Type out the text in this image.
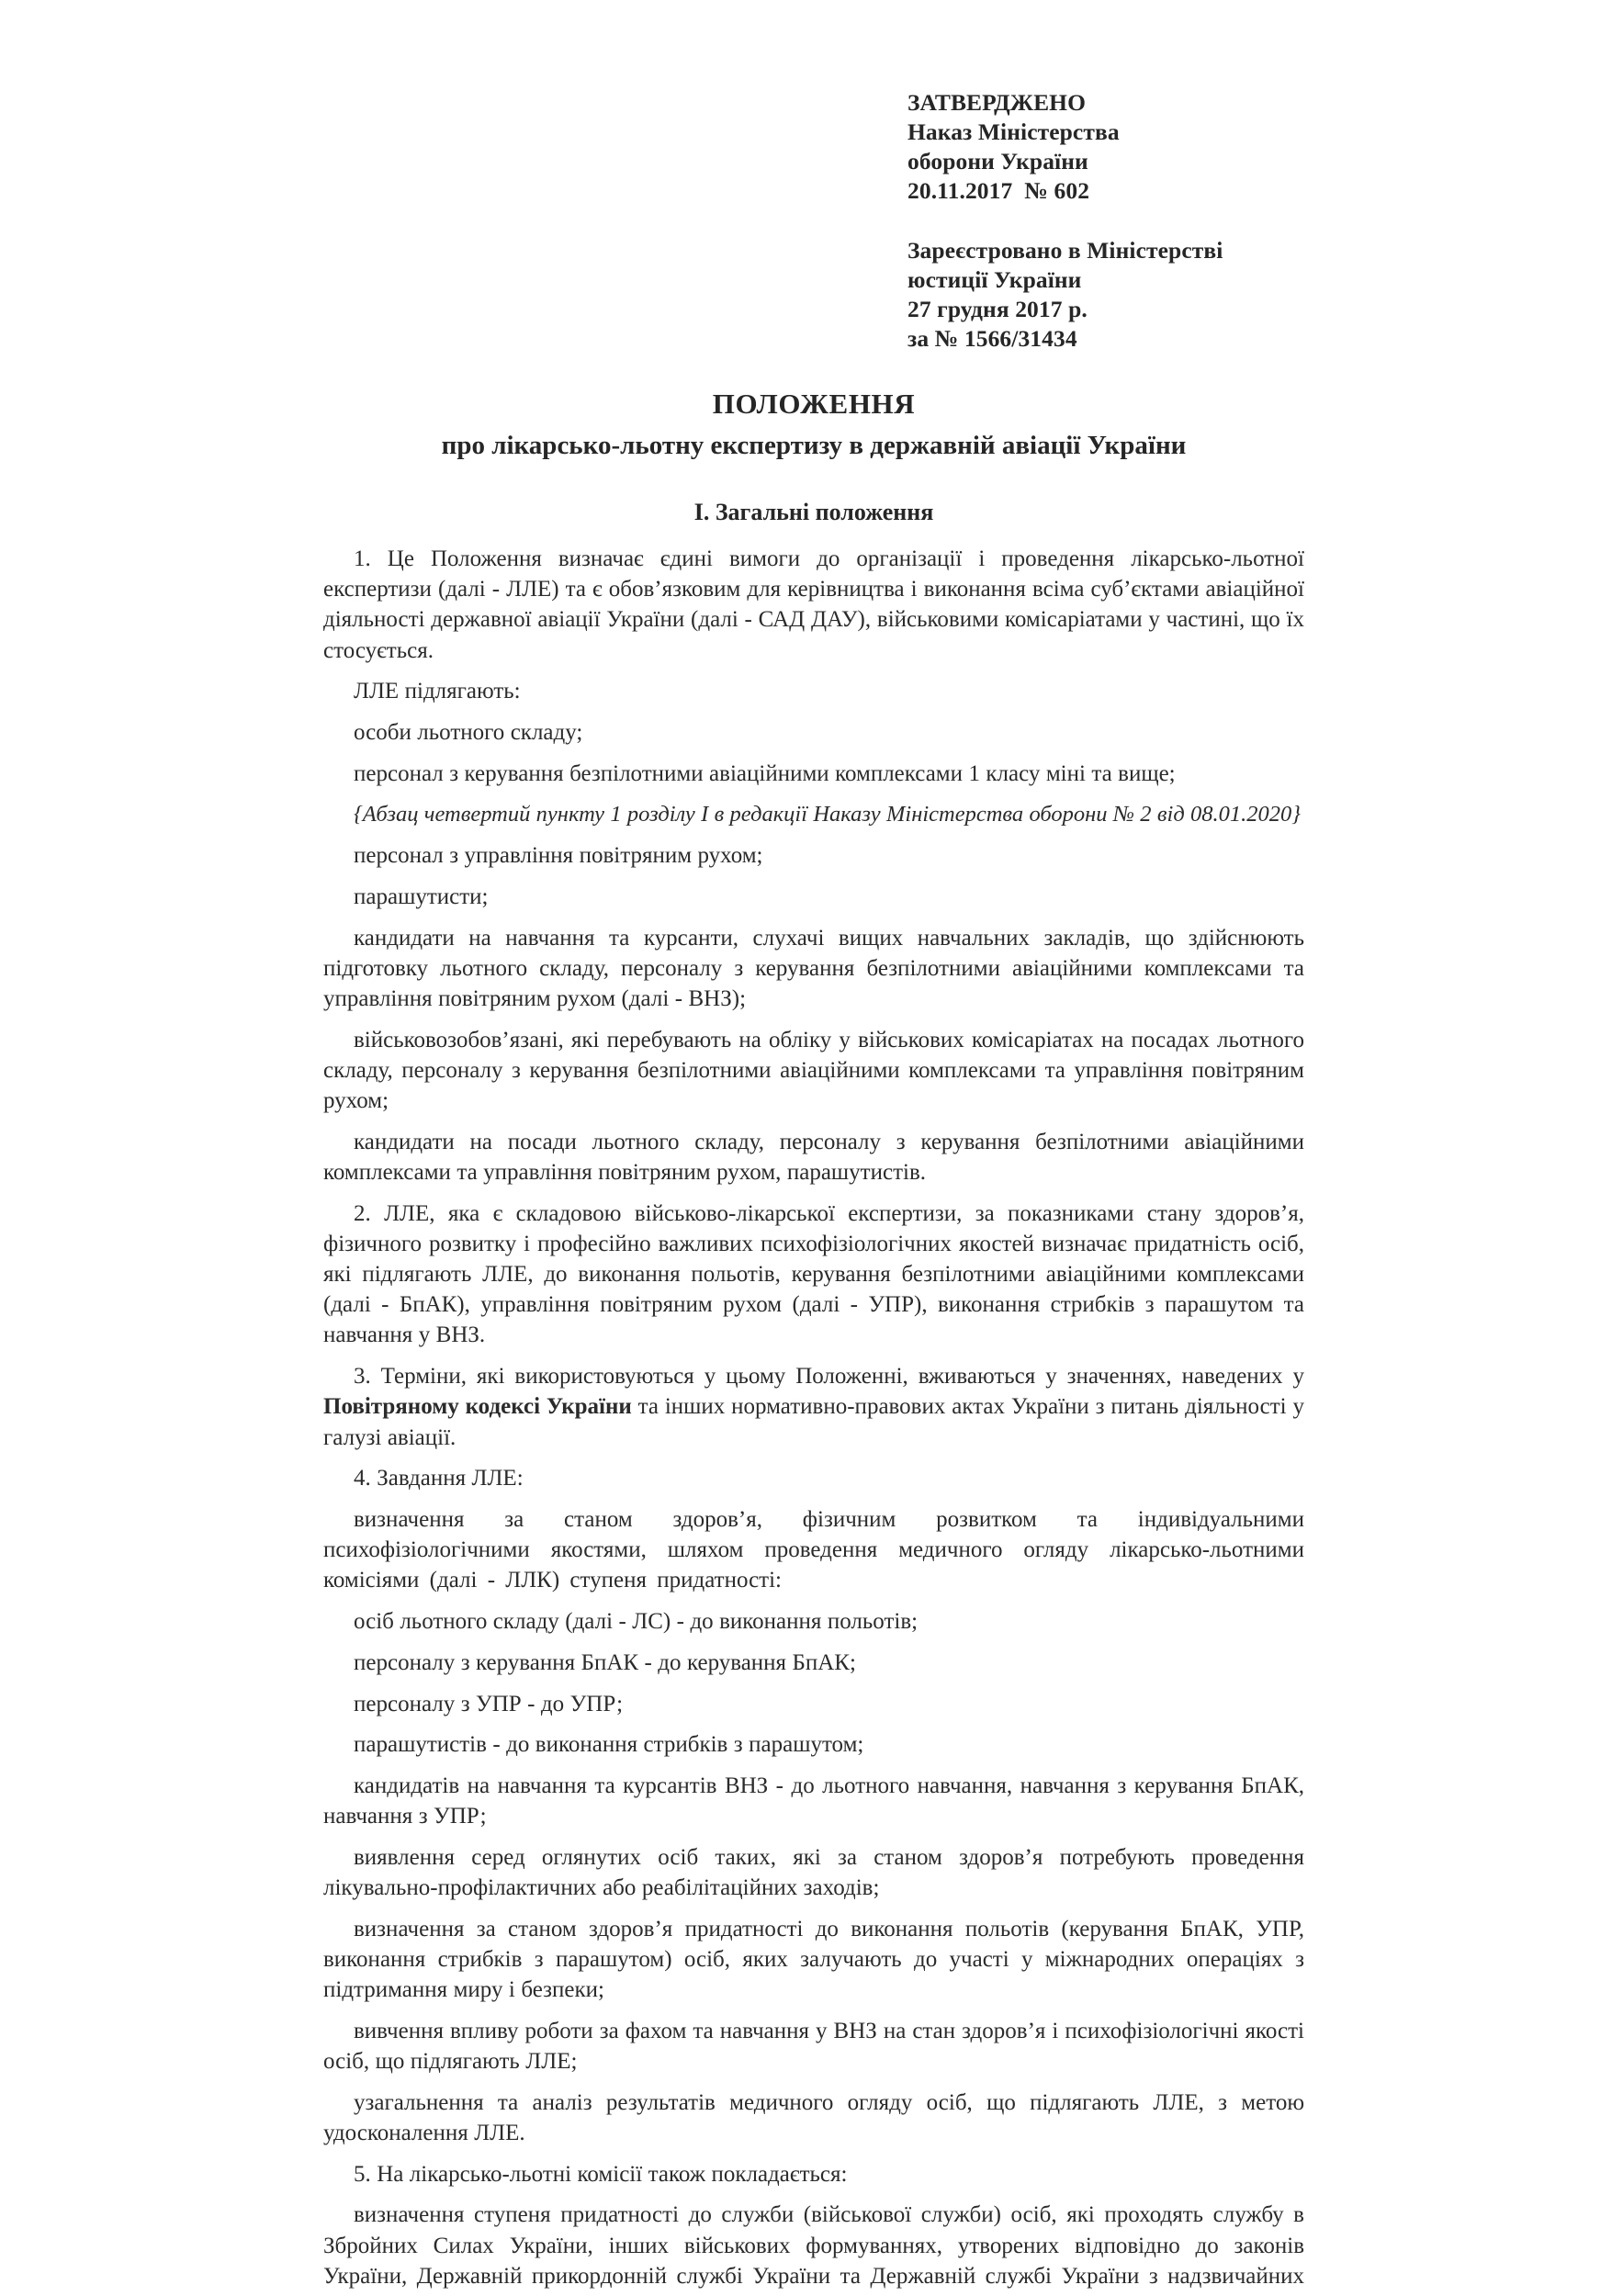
ЗАТВЕРДЖЕНО
Наказ Міністерства
оборони України
20.11.2017  № 602
Зареєстровано в Міністерстві
юстиції України
27 грудня 2017 р.
за № 1566/31434
ПОЛОЖЕННЯ
про лікарсько-льотну експертизу в державній авіації України
I. Загальні положення

1. Це Положення визначає єдині вимоги до організації і проведення лікарсько-льотної експертизи (далі - ЛЛЕ) та є обов’язковим для керівництва і виконання всіма суб’єктами авіаційної діяльності державної авіації України (далі - САД ДАУ), військовими комісаріатами у частині, що їх стосується.

ЛЛЕ підлягають:

особи льотного складу;

персонал з керування безпілотними авіаційними комплексами 1 класу міні та вище;

{Абзац четвертий пункту 1 розділу I в редакції Наказу Міністерства оборони № 2 від 08.01.2020}

персонал з управління повітряним рухом;

парашутисти;

кандидати на навчання та курсанти, слухачі вищих навчальних закладів, що здійснюють підготовку льотного складу, персоналу з керування безпілотними авіаційними комплексами та управління повітряним рухом (далі - ВНЗ);

військовозобов’язані, які перебувають на обліку у військових комісаріатах на посадах льотного складу, персоналу з керування безпілотними авіаційними комплексами та управління повітряним рухом;

кандидати на посади льотного складу, персоналу з керування безпілотними авіаційними комплексами та управління повітряним рухом, парашутистів.

2. ЛЛЕ, яка є складовою військово-лікарської експертизи, за показниками стану здоров’я, фізичного розвитку і професійно важливих психофізіологічних якостей визначає придатність осіб, які підлягають ЛЛЕ, до виконання польотів, керування безпілотними авіаційними комплексами (далі - БпАК), управління повітряним рухом (далі - УПР), виконання стрибків з парашутом та навчання у ВНЗ.

3. Терміни, які використовуються у цьому Положенні, вживаються у значеннях, наведених у Повітряному кодексі України та інших нормативно-правових актах України з питань діяльності у галузі авіації.

4. Завдання ЛЛЕ:

визначення за станом здоров’я, фізичним розвитком та індивідуальними психофізіологічними якостями, шляхом проведення медичного огляду лікарсько-льотними комісіями (далі - ЛЛК) ступеня придатності:

осіб льотного складу (далі - ЛС) - до виконання польотів;

персоналу з керування БпАК - до керування БпАК;

персоналу з УПР - до УПР;

парашутистів - до виконання стрибків з парашутом;

кандидатів на навчання та курсантів ВНЗ - до льотного навчання, навчання з керування БпАК, навчання з УПР;

виявлення серед оглянутих осіб таких, які за станом здоров’я потребують проведення лікувально-профілактичних або реабілітаційних заходів;

визначення за станом здоров’я придатності до виконання польотів (керування БпАК, УПР, виконання стрибків з парашутом) осіб, яких залучають до участі у міжнародних операціях з підтримання миру і безпеки;

вивчення впливу роботи за фахом та навчання у ВНЗ на стан здоров’я і психофізіологічні якості осіб, що підлягають ЛЛЕ;

узагальнення та аналіз результатів медичного огляду осіб, що підлягають ЛЛЕ, з метою удосконалення ЛЛЕ.

5. На лікарсько-льотні комісії також покладається:

визначення ступеня придатності до служби (військової служби) осіб, які проходять службу в Збройних Силах України, інших військових формуваннях, утворених відповідно до законів України, Державній прикордонній службі України та Державній службі України з надзвичайних
